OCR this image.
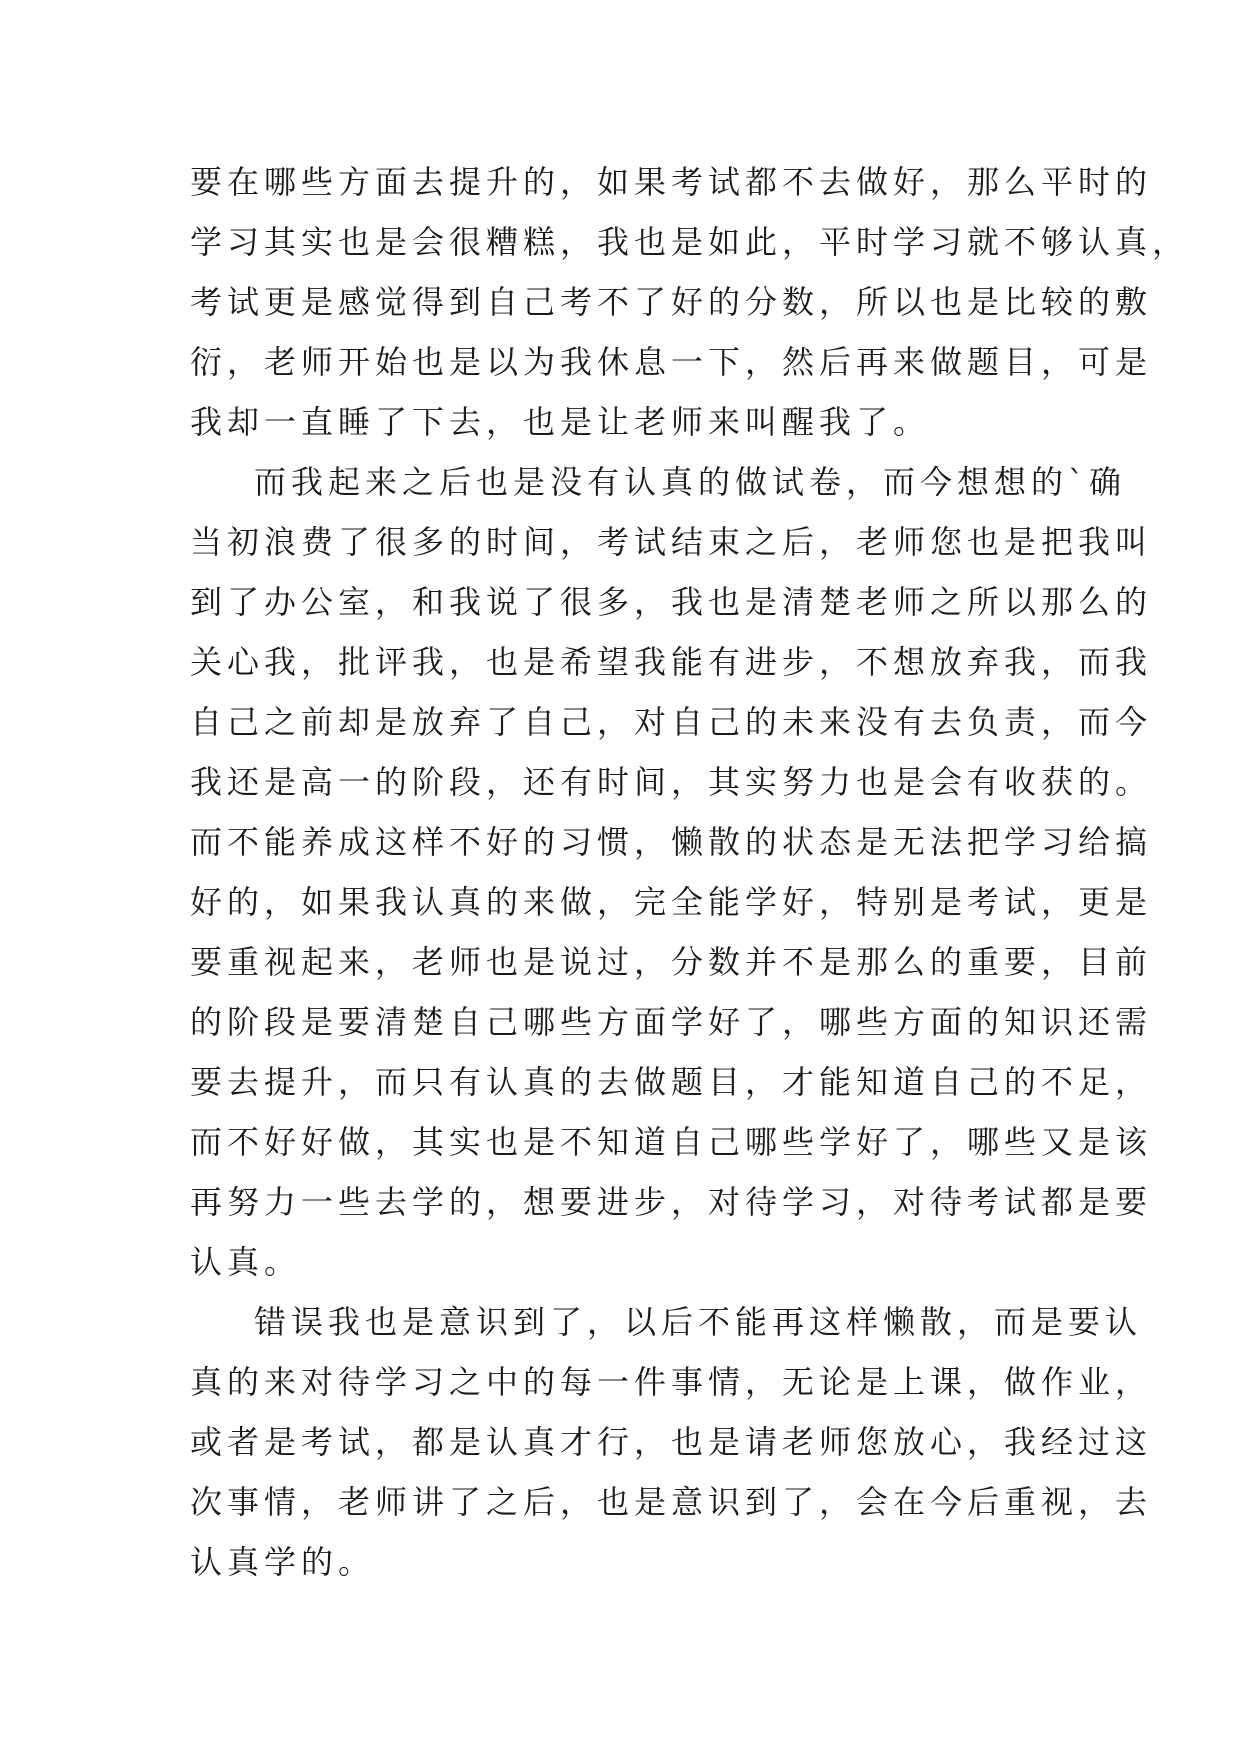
要在哪些方面去提升的，如果考试都不去做好，那么平时的
学习其实也是会很糟糕，我也是如此，平时学习就不够认真，
考试更是感觉得到自己考不了好的分数，所以也是比较的敷
衍，老师开始也是以为我休息一下，然后再来做题目，可是
我却一直睡了下去，也是让老师来叫醒我了。

而我起来之后也是没有认真的做试卷，而今想想的`确
当初浪费了很多的时间，考试结束之后，老师您也是把我叫
到了办公室，和我说了很多，我也是清楚老师之所以那么的
关心我，批评我，也是希望我能有进步，不想放弃我，而我
自己之前却是放弃了自己，对自己的未来没有去负责，而今
我还是高一的阶段，还有时间，其实努力也是会有收获的。
而不能养成这样不好的习惯，懒散的状态是无法把学习给搞
好的，如果我认真的来做，完全能学好，特别是考试，更是
要重视起来，老师也是说过，分数并不是那么的重要，目前
的阶段是要清楚自己哪些方面学好了，哪些方面的知识还需
要去提升，而只有认真的去做题目，才能知道自己的不足，
而不好好做，其实也是不知道自己哪些学好了，哪些又是该
再努力一些去学的，想要进步，对待学习，对待考试都是要
认真。

错误我也是意识到了，以后不能再这样懒散，而是要认
真的来对待学习之中的每一件事情，无论是上课，做作业，
或者是考试，都是认真才行，也是请老师您放心，我经过这
次事情，老师讲了之后，也是意识到了，会在今后重视，去
认真学的。
